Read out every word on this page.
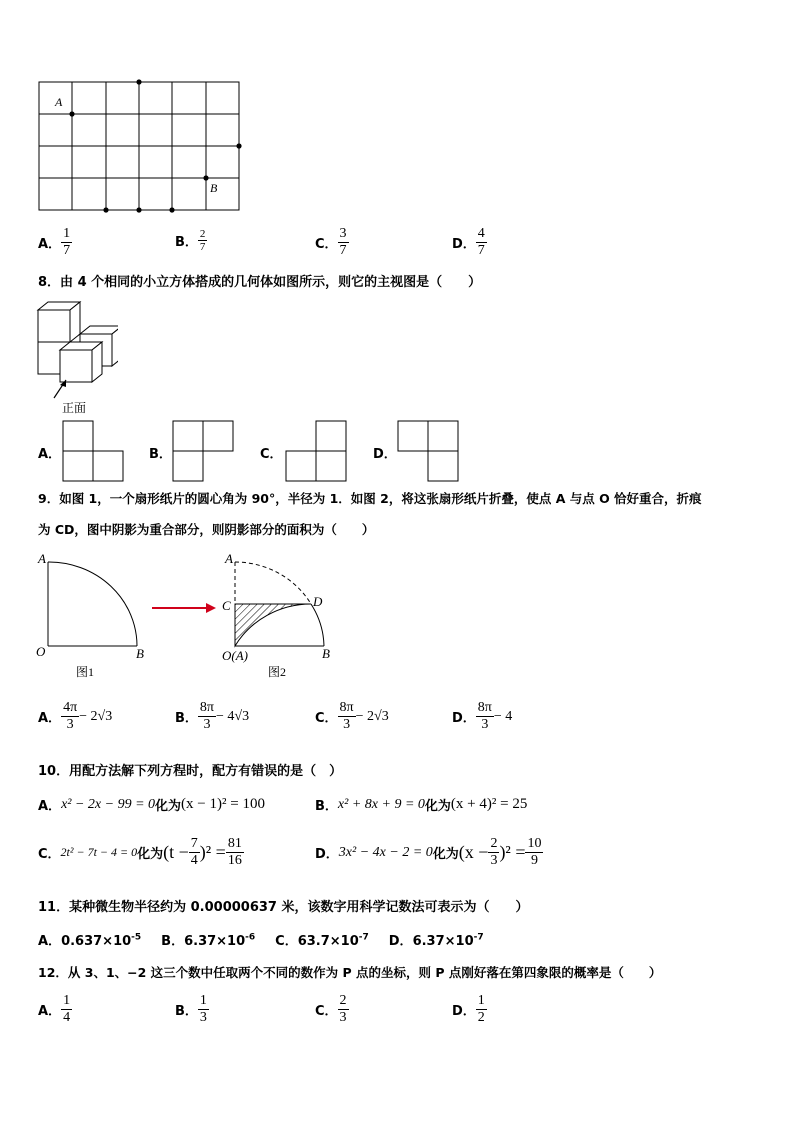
A
B
A． $\frac{1}{7}$	B． $\frac{2}{7}$	C． $\frac{3}{7}$	D． $\frac{4}{7}$
8．由 4 个相同的小立方体搭成的几何体如图所示，则它的主视图是（　　）
正面
A．	B．	C．	D．
9．如图 1，一个扇形纸片的圆心角为 90°，半径为 1．如图 2，将这张扇形纸片折叠，使点 A 与点 O 恰好重合，折痕
为 CD，图中阴影为重合部分，则阴影部分的面积为（　　）
A
O	B
图1
A
C	D
O(A)	B
图2
A． $\frac{4\pi}{3} - 2√3$	B． $\frac{8\pi}{3} - 4√3$	C． $\frac{8\pi}{3} - 2√3$	D． $\frac{8\pi}{3} - 4$
10．用配方法解下列方程时，配方有错误的是（　）
A． x² − 2x − 99 = 0 化为 (x − 1)² = 100	B． x² + 8x + 9 = 0 化为 (x + 4)² = 25
C． 2t² − 7t − 4 = 0 化为 $(t - \frac{7}{4} )^2 = \frac{81}{16}$	D． 3x² − 4x − 2 = 0 化为 $(x - \frac{2}{3} )^2 = \frac{10}{9}$
11．某种微生物半径约为 0.00000637 米，该数字用科学记数法可表示为（　　）
A．$0.637\times 10^{-5}$ B．$6.37\times 10^{-6}$ C．$63.7\times 10^{-7}$ D．$6.37\times 10^{-7}$
12．从 3、1、−2 这三个数中任取两个不同的数作为 P 点的坐标，则 P 点刚好落在第四象限的概率是（　　）
A． $\frac{1}{4}$	B． $\frac{1}{3}$	C． $\frac{2}{3}$	D． $\frac{1}{2}$
